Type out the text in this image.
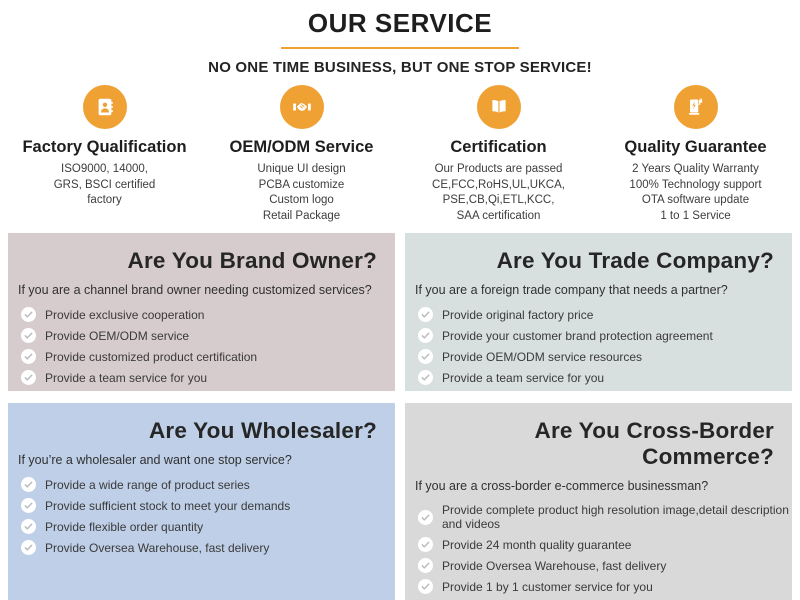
OUR SERVICE
NO ONE TIME BUSINESS, BUT ONE STOP SERVICE!
Factory Qualification
ISO9000, 14000,
GRS, BSCI certified
factory
OEM/ODM Service
Unique UI design
PCBA customize
Custom logo
Retail Package
Certification
Our Products are passed
CE,FCC,RoHS,UL,UKCA,
PSE,CB,Qi,ETL,KCC,
SAA certification
Quality Guarantee
2 Years Quality Warranty
100% Technology support
OTA software update
1 to 1 Service
Are You Brand Owner?

If you are a channel brand owner needing customized services?

Provide exclusive cooperation
Provide OEM/ODM service
Provide customized product certification
Provide a team service for you
Are You Trade Company?

If you are a foreign trade company that needs a partner?

Provide original factory price
Provide your customer brand protection agreement
Provide OEM/ODM service resources
Provide a team service for you
Are You Wholesaler?

If you’re a wholesaler and want one stop service?

Provide a wide range of product series
Provide sufficient stock to meet your demands
Provide flexible order quantity
Provide Oversea Warehouse, fast delivery
Are You Cross-Border Commerce?

If you are a cross-border e-commerce businessman?

Provide complete product high resolution image,detail description and videos
Provide 24 month quality guarantee
Provide Oversea Warehouse, fast delivery
Provide 1 by 1 customer service for you
